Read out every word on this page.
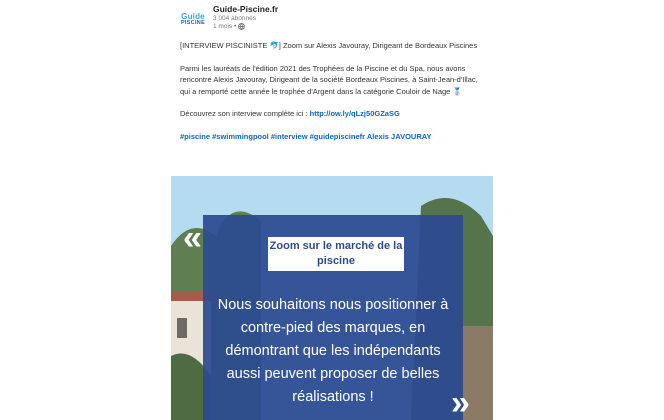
Guide
PISCINE
Guide-Piscine.fr
3 004 abonnés
1 mois •

[INTERVIEW PISCINISTE 🐬] Zoom sur Alexis Javouray, Dirigeant de Bordeaux Piscines

Parmi les lauréats de l'édition 2021 des Trophées de la Piscine et du Spa, nous avons rencontré Alexis Javouray, Dirigeant de la société Bordeaux Piscines, à Saint-Jean-d'Illac, qui a remporté cette année le trophée d'Argent dans la catégorie Couloir de Nage 🥈

Découvrez son interview complète ici : http://ow.ly/qLzj50GZaSG

#piscine #swimmingpool #interview #guidepiscinefr Alexis JAVOURAY

«	Zoom sur le marché de la piscine
Nous souhaitons nous positionner à contre-pied des marques, en démontrant que les indépendants aussi peuvent proposer de belles réalisations !	»
